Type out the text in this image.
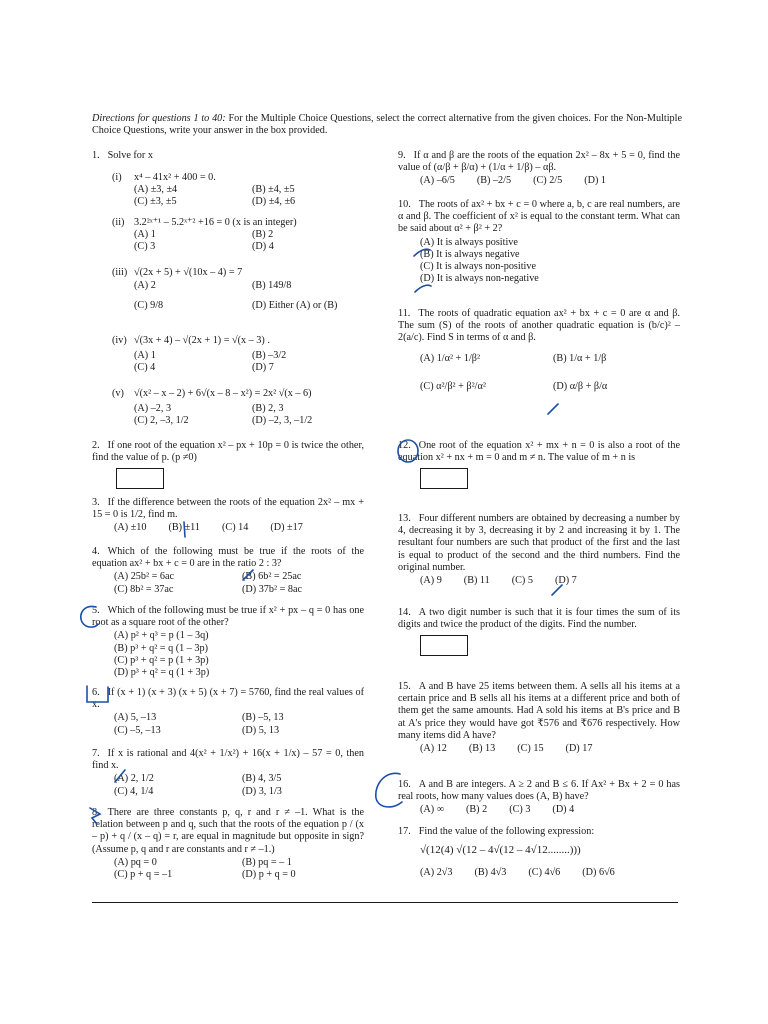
Directions for questions 1 to 40: For the Multiple Choice Questions, select the correct alternative from the given choices. For the Non-Multiple Choice Questions, write your answer in the box provided.
1. Solve for x
(i) x⁴ – 41x² + 400 = 0.
(A) ±3, ±4	(B) ±4, ±5
(C) ±3, ±5	(D) ±4, ±6
(ii) 3.2²ˣ⁺¹ – 5.2ˣ⁺² +16 = 0 (x is an integer)
(A) 1	(B) 2
(C) 3	(D) 4
(iii) √(2x + 5) + √(10x – 4) = 7
(A) 2	(B) 149/8
(C) 9/8	(D) Either (A) or (B)
(iv) √(3x + 4) – √(2x + 1) = √(x – 3) .
(A) 1	(B) –3/2
(C) 4	(D) 7
(v) √(x² – x – 2) + 6√(x – 8 – x²) = 2x² √(x – 6)
(A) –2, 3	(B) 2, 3
(C) 2, –3, 1/2	(D) –2, 3, –1/2
2. If one root of the equation x² – px + 10p = 0 is twice the other, find the value of p. (p ≠0)
3. If the difference between the roots of the equation 2x² – mx + 15 = 0 is 1/2, find m.
(A) ±10 (B) ±11 (C) 14 (D) ±17
4. Which of the following must be true if the roots of the equation ax² + bx + c = 0 are in the ratio 2 : 3?
(A) 25b² = 6ac	(B) 6b² = 25ac
(C) 8b² = 37ac	(D) 37b² = 8ac
5. Which of the following must be true if x² + px – q = 0 has one root as a square root of the other?
(A) p² + q³ = p (1 – 3q)
(B) p³ + q² = q (1 – 3p)
(C) p³ + q² = p (1 + 3p)
(D) p³ + q² = q (1 + 3p)
6. If (x + 1) (x + 3) (x + 5) (x + 7) = 5760, find the real values of x.
(A) 5, –13	(B) –5, 13
(C) –5, –13	(D) 5, 13
7. If x is rational and 4(x² + 1/x²) + 16(x + 1/x) – 57 = 0, then find x.
(A) 2, 1/2	(B) 4, 3/5
(C) 4, 1/4	(D) 3, 1/3
8. There are three constants p, q, r and r ≠ –1. What is the relation between p and q, such that the roots of the equation p / (x – p) + q / (x – q) = r, are equal in magnitude but opposite in sign? (Assume p, q and r are constants and r ≠ –1.)
(A) pq = 0	(B) pq = – 1
(C) p + q = –1	(D) p + q = 0
9. If α and β are the roots of the equation 2x² – 8x + 5 = 0, find the value of (α/β + β/α) + (1/α + 1/β) – αβ.
(A) –6/5 (B) –2/5 (C) 2/5 (D) 1
10. The roots of ax² + bx + c = 0 where a, b, c are real numbers, are α and β. The coefficient of x² is equal to the constant term. What can be said about α² + β² + 2?
(A) It is always positive
(B) It is always negative
(C) It is always non-positive
(D) It is always non-negative
11. The roots of quadratic equation ax² + bx + c = 0 are α and β. The sum (S) of the roots of another quadratic equation is (b/c)² – 2(a/c). Find S in terms of α and β.
(A) 1/α² + 1/β²	(B) 1/α + 1/β
(C) α²/β² + β²/α²	(D) α/β + β/α
12. One root of the equation x² + mx + n = 0 is also a root of the equation x² + nx + m = 0 and m ≠ n. The value of m + n is
13. Four different numbers are obtained by decreasing a number by 4, decreasing it by 3, decreasing it by 2 and increasing it by 1. The resultant four numbers are such that product of the first and the last is equal to product of the second and the third numbers. Find the original number.
(A) 9 (B) 11 (C) 5 (D) 7
14. A two digit number is such that it is four times the sum of its digits and twice the product of the digits. Find the number.
15. A and B have 25 items between them. A sells all his items at a certain price and B sells all his items at a different price and both of them get the same amounts. Had A sold his items at B's price and B at A's price they would have got ₹576 and ₹676 respectively. How many items did A have?
(A) 12 (B) 13 (C) 15 (D) 17
16. A and B are integers. A ≥ 2 and B ≤ 6. If Ax² + Bx + 2 = 0 has real roots, how many values does (A, B) have?
(A) ∞ (B) 2 (C) 3 (D) 4
17. Find the value of the following expression:
√(12(4) √(12 – 4√(12 – 4√12........)))
(A) 2√3 (B) 4√3 (C) 4√6 (D) 6√6
